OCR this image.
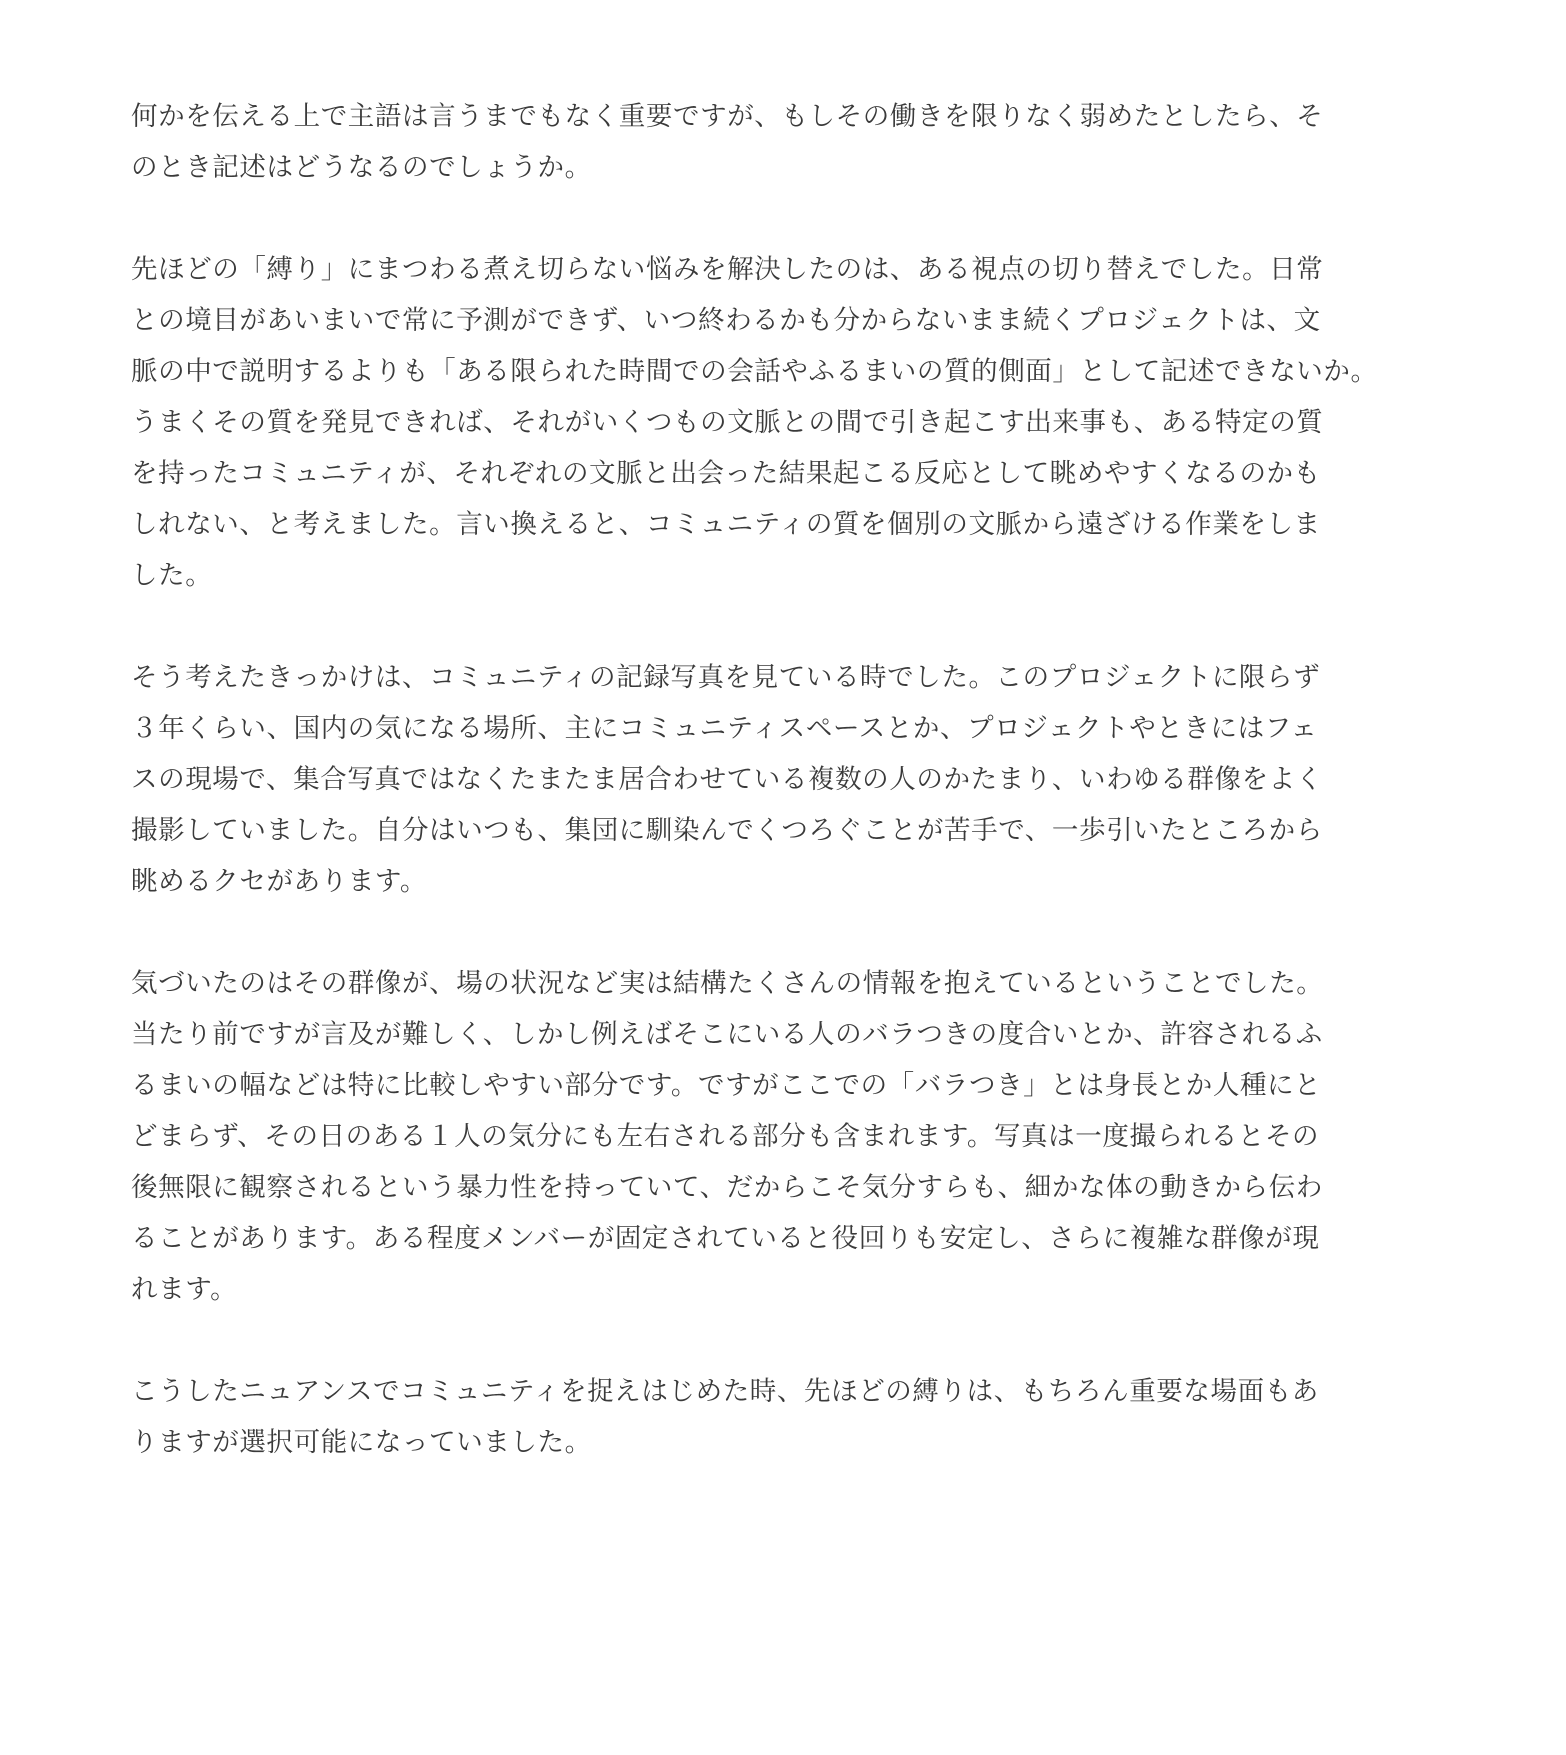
何かを伝える上で主語は言うまでもなく重要ですが、もしその働きを限りなく弱めたとしたら、そ
のとき記述はどうなるのでしょうか。

先ほどの「縛り」にまつわる煮え切らない悩みを解決したのは、ある視点の切り替えでした。日常
との境目があいまいで常に予測ができず、いつ終わるかも分からないまま続くプロジェクトは、文
脈の中で説明するよりも「ある限られた時間での会話やふるまいの質的側面」として記述できないか。
うまくその質を発見できれば、それがいくつもの文脈との間で引き起こす出来事も、ある特定の質
を持ったコミュニティが、それぞれの文脈と出会った結果起こる反応として眺めやすくなるのかも
しれない、と考えました。言い換えると、コミュニティの質を個別の文脈から遠ざける作業をしま
した。

そう考えたきっかけは、コミュニティの記録写真を見ている時でした。このプロジェクトに限らず
３年くらい、国内の気になる場所、主にコミュニティスペースとか、プロジェクトやときにはフェ
スの現場で、集合写真ではなくたまたま居合わせている複数の人のかたまり、いわゆる群像をよく
撮影していました。自分はいつも、集団に馴染んでくつろぐことが苦手で、一歩引いたところから
眺めるクセがあります。

気づいたのはその群像が、場の状況など実は結構たくさんの情報を抱えているということでした。
当たり前ですが言及が難しく、しかし例えばそこにいる人のバラつきの度合いとか、許容されるふ
るまいの幅などは特に比較しやすい部分です。ですがここでの「バラつき」とは身長とか人種にと
どまらず、その日のある１人の気分にも左右される部分も含まれます。写真は一度撮られるとその
後無限に観察されるという暴力性を持っていて、だからこそ気分すらも、細かな体の動きから伝わ
ることがあります。ある程度メンバーが固定されていると役回りも安定し、さらに複雑な群像が現
れます。

こうしたニュアンスでコミュニティを捉えはじめた時、先ほどの縛りは、もちろん重要な場面もあ
りますが選択可能になっていました。
